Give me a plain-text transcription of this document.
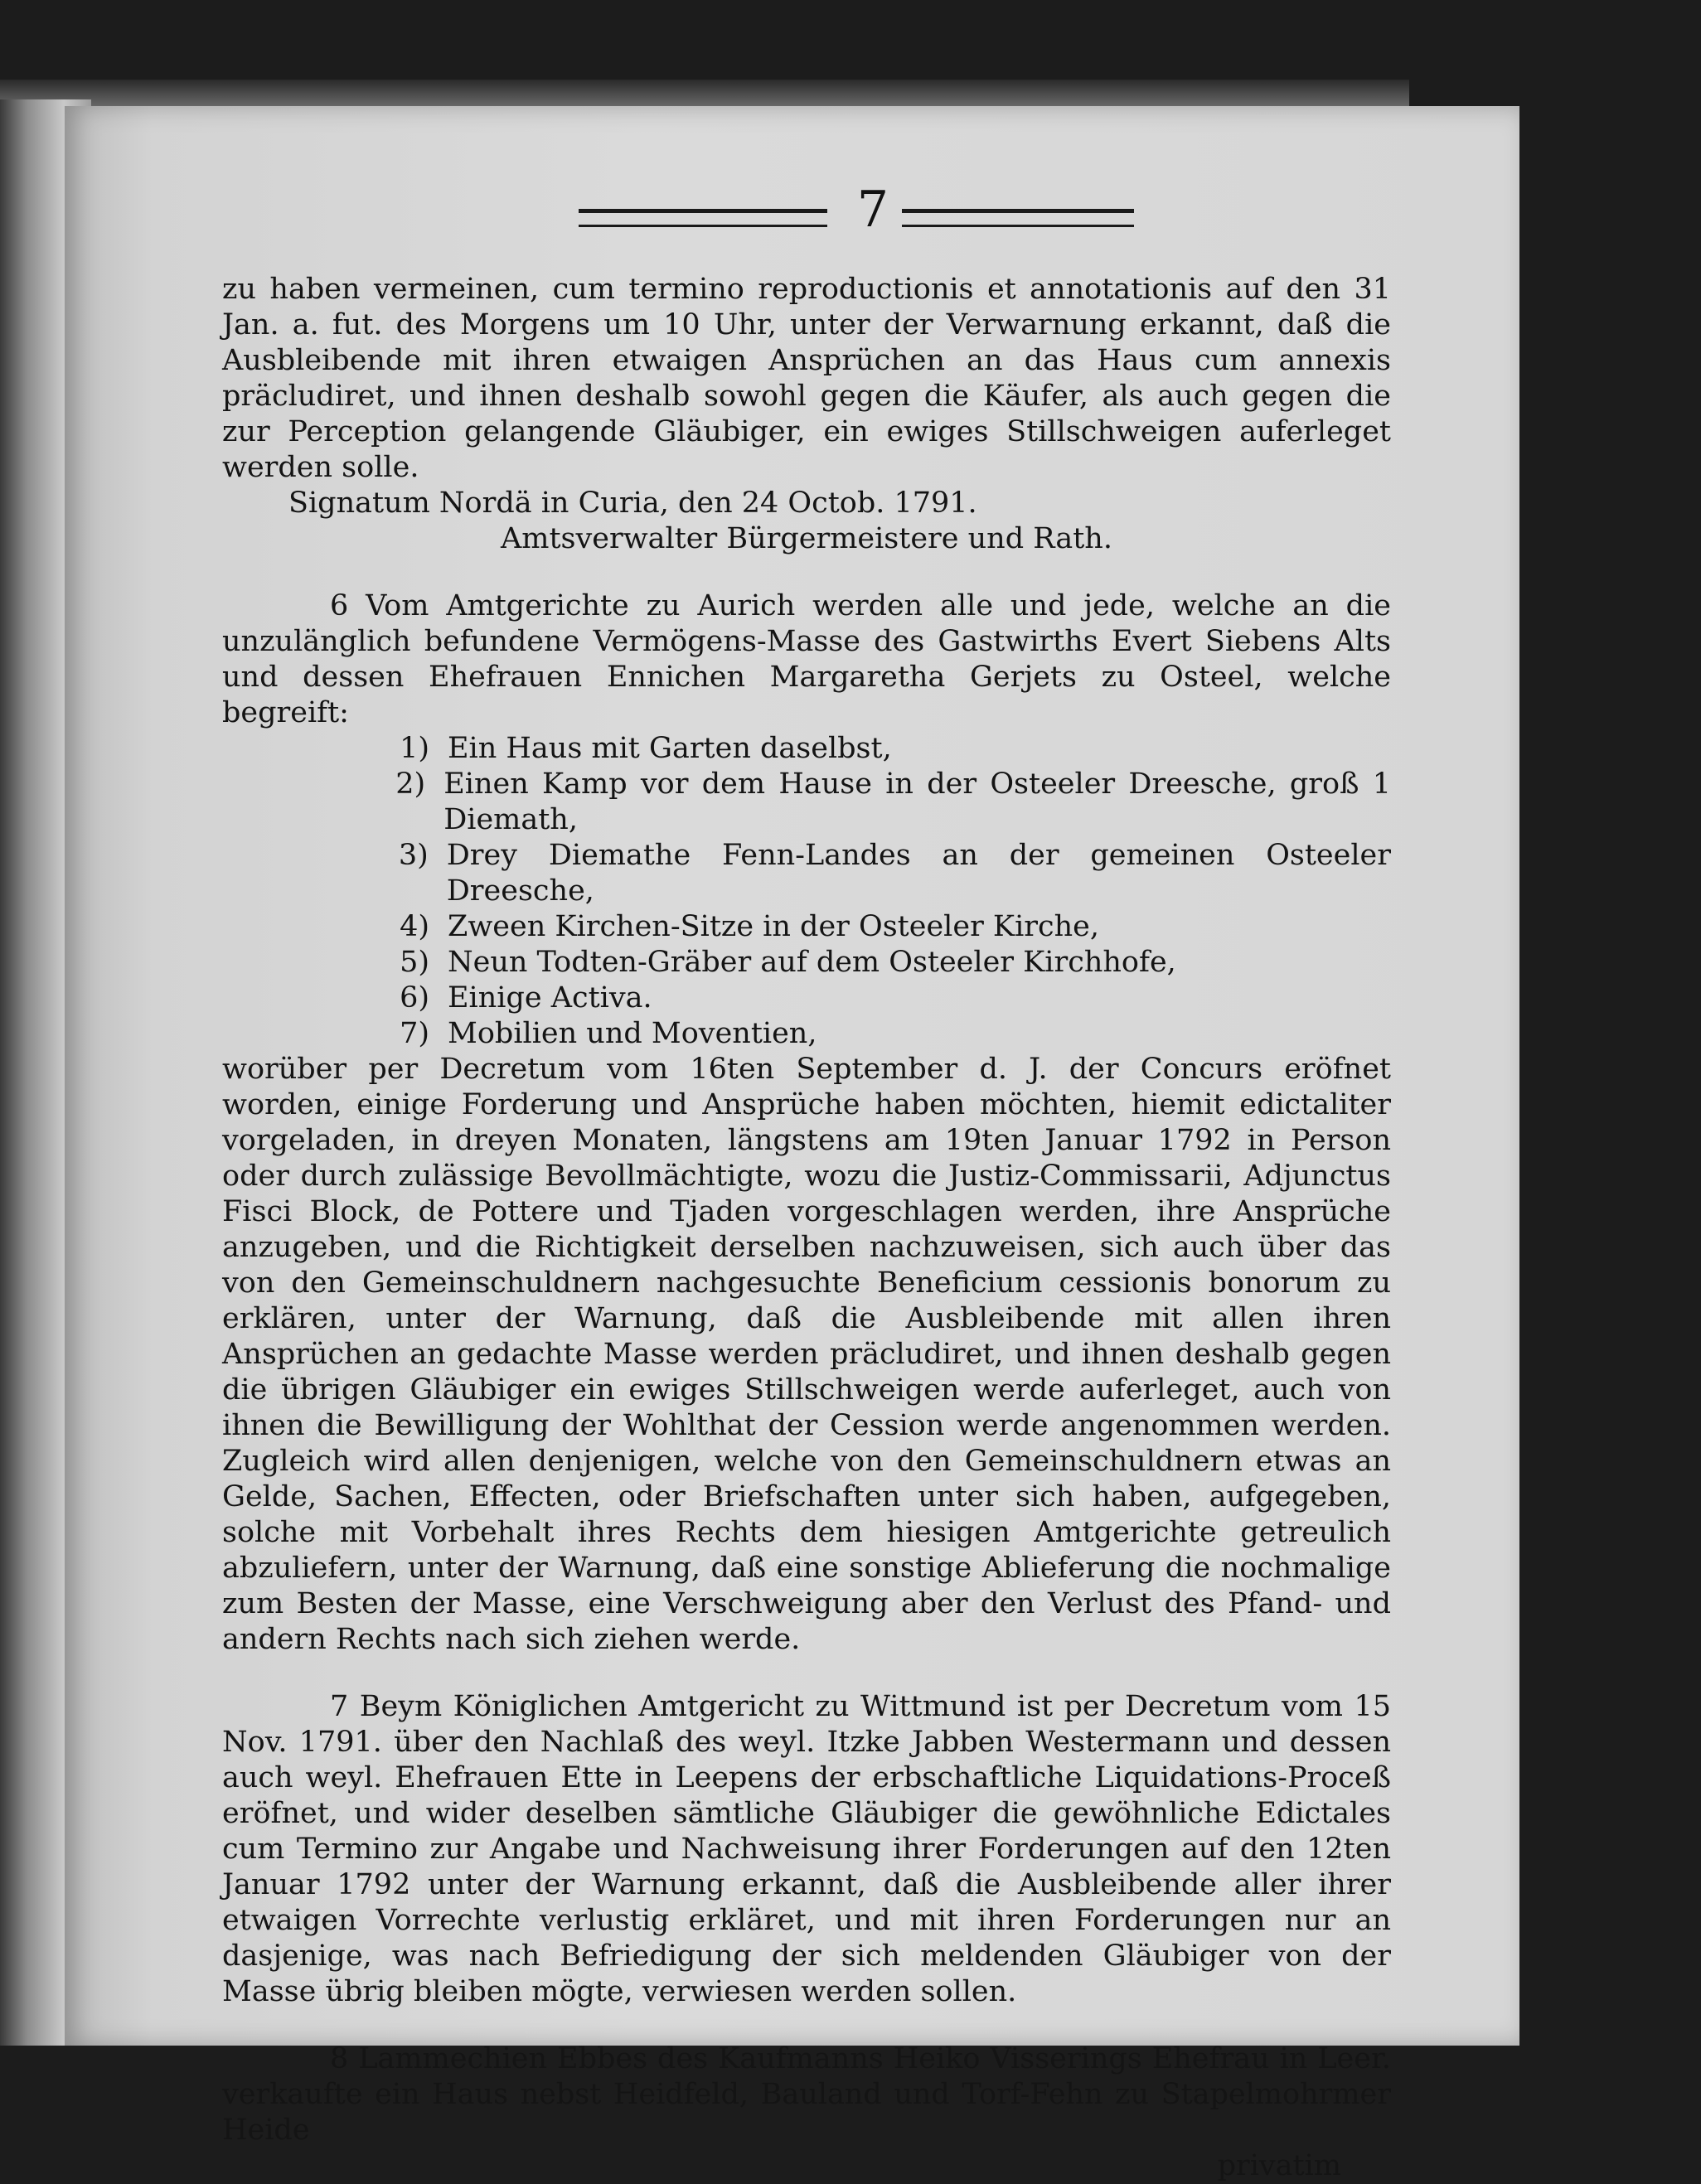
7

zu haben vermeinen, cum termino reproductionis et annotationis auf den 31 Jan. a. fut. des Morgens um 10 Uhr, unter der Verwarnung erkannt, daß die Ausbleibende mit ihren etwaigen Ansprüchen an das Haus cum annexis präcludiret, und ihnen deshalb sowohl gegen die Käufer, als auch gegen die zur Perception gelangende Gläubiger, ein ewiges Stillschweigen auferleget werden solle.

Signatum Nordä in Curia, den 24 Octob. 1791.

Amtsverwalter Bürgermeistere und Rath.

6 Vom Amtgerichte zu Aurich werden alle und jede, welche an die unzulänglich befundene Vermögens-Masse des Gastwirths Evert Siebens Alts und dessen Ehefrauen Ennichen Margaretha Gerjets zu Osteel, welche begreift:

1) Ein Haus mit Garten daselbst,
2) Einen Kamp vor dem Hause in der Osteeler Dreesche, groß 1 Diemath,
3) Drey Diemathe Fenn-Landes an der gemeinen Osteeler Dreesche,
4) Zween Kirchen-Sitze in der Osteeler Kirche,
5) Neun Todten-Gräber auf dem Osteeler Kirchhofe,
6) Einige Activa.
7) Mobilien und Moventien,

worüber per Decretum vom 16ten September d. J. der Concurs eröfnet worden, einige Forderung und Ansprüche haben möchten, hiemit edictaliter vorgeladen, in dreyen Monaten, längstens am 19ten Januar 1792 in Person oder durch zulässige Bevollmächtigte, wozu die Justiz-Commissarii, Adjunctus Fisci Block, de Pottere und Tjaden vorgeschlagen werden, ihre Ansprüche anzugeben, und die Richtigkeit derselben nachzuweisen, sich auch über das von den Gemeinschuldnern nachgesuchte Beneficium cessionis bonorum zu erklären, unter der Warnung, daß die Ausbleibende mit allen ihren Ansprüchen an gedachte Masse werden präcludiret, und ihnen deshalb gegen die übrigen Gläubiger ein ewiges Stillschweigen werde auferleget, auch von ihnen die Bewilligung der Wohlthat der Cession werde angenommen werden. Zugleich wird allen denjenigen, welche von den Gemeinschuldnern etwas an Gelde, Sachen, Effecten, oder Briefschaften unter sich haben, aufgegeben, solche mit Vorbehalt ihres Rechts dem hiesigen Amtgerichte getreulich abzuliefern, unter der Warnung, daß eine sonstige Ablieferung die nochmalige zum Besten der Masse, eine Verschweigung aber den Verlust des Pfand- und andern Rechts nach sich ziehen werde.

7 Beym Königlichen Amtgericht zu Wittmund ist per Decretum vom 15 Nov. 1791. über den Nachlaß des weyl. Itzke Jabben Westermann und dessen auch weyl. Ehefrauen Ette in Leepens der erbschaftliche Liquidations-Proceß eröfnet, und wider deselben sämtliche Gläubiger die gewöhnliche Edictales cum Termino zur Angabe und Nachweisung ihrer Forderungen auf den 12ten Januar 1792 unter der Warnung erkannt, daß die Ausbleibende aller ihrer etwaigen Vorrechte verlustig erkläret, und mit ihren Forderungen nur an dasjenige, was nach Befriedigung der sich meldenden Gläubiger von der Masse übrig bleiben mögte, verwiesen werden sollen.

8 Lammechien Ebbes des Kaufmanns Heiko Visserings Ehefrau in Leer. verkaufte ein Haus nebst Heidfeld, Bauland und Torf-Fehn zu Stapelmohrmer Heide

privatim
